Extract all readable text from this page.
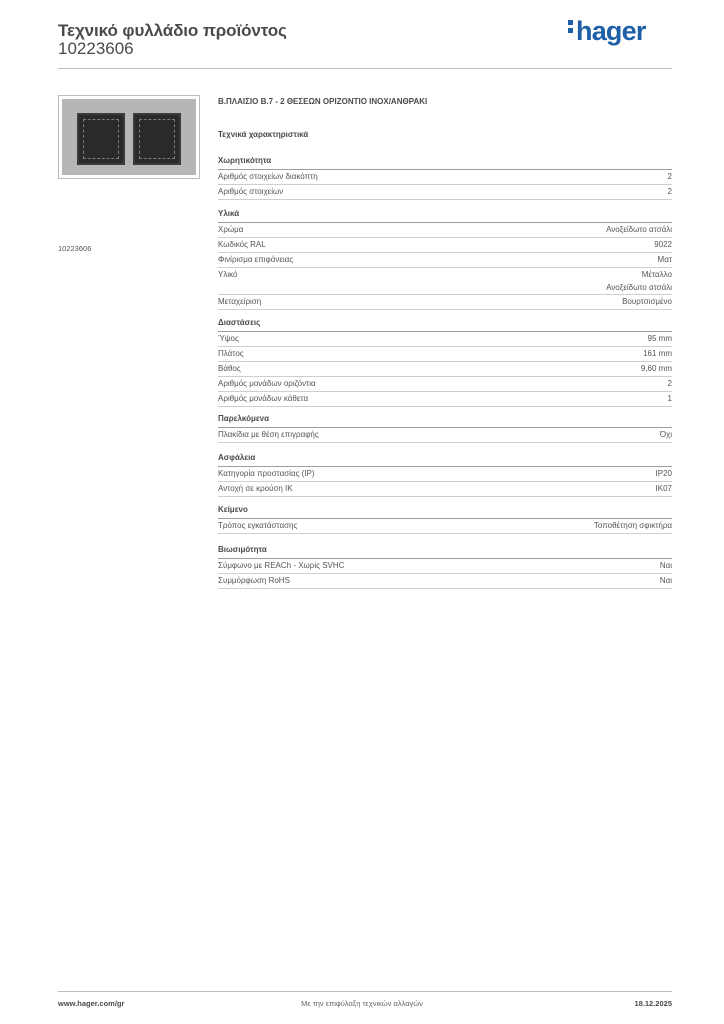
Τεχνικό φυλλάδιο προϊόντος
10223606
hager
10223606
B.ΠΛΑΙΣΙΟ B.7 - 2 ΘΕΣΕΩΝ ΟΡΙΖΟΝΤΙΟ ΙΝΟΧ/ΑΝΘΡΑΚΙ
Τεχνικά χαρακτηριστικά
Χωρητικότητα
Αριθμός στοιχείων διακόπτη	2
Αριθμός στοιχείων	2
Υλικά
Χρώμα	Ανοξείδωτο ατσάλι
Κωδικός RAL	9022
Φινίρισμα επιφάνειας	Ματ
Υλικό	Μέταλλο
Ανοξείδωτο ατσάλι
Μεταχείριση	Βουρτσισμένο
Διαστάσεις
Ύψος	95 mm
Πλάτος	161 mm
Βάθος	9,60 mm
Αριθμός μονάδων οριζόντια	2
Αριθμός μονάδων κάθετα	1
Παρελκόμενα
Πλακίδια με θέση επιγραφής	Όχι
Ασφάλεια
Κατηγορία προστασίας (IP)	IP20
Αντοχή σε κρούση IK	IK07
Κείμενο
Τρόπος εγκατάστασης	Τοποθέτηση σφικτήρα
Βιωσιμότητα
Σύμφωνο με REACh - Χωρίς SVHC	Ναι
Συμμόρφωση RoHS	Ναι
www.hager.com/gr	Με την επιφύλαξη τεχνικών αλλαγών	18.12.2025
